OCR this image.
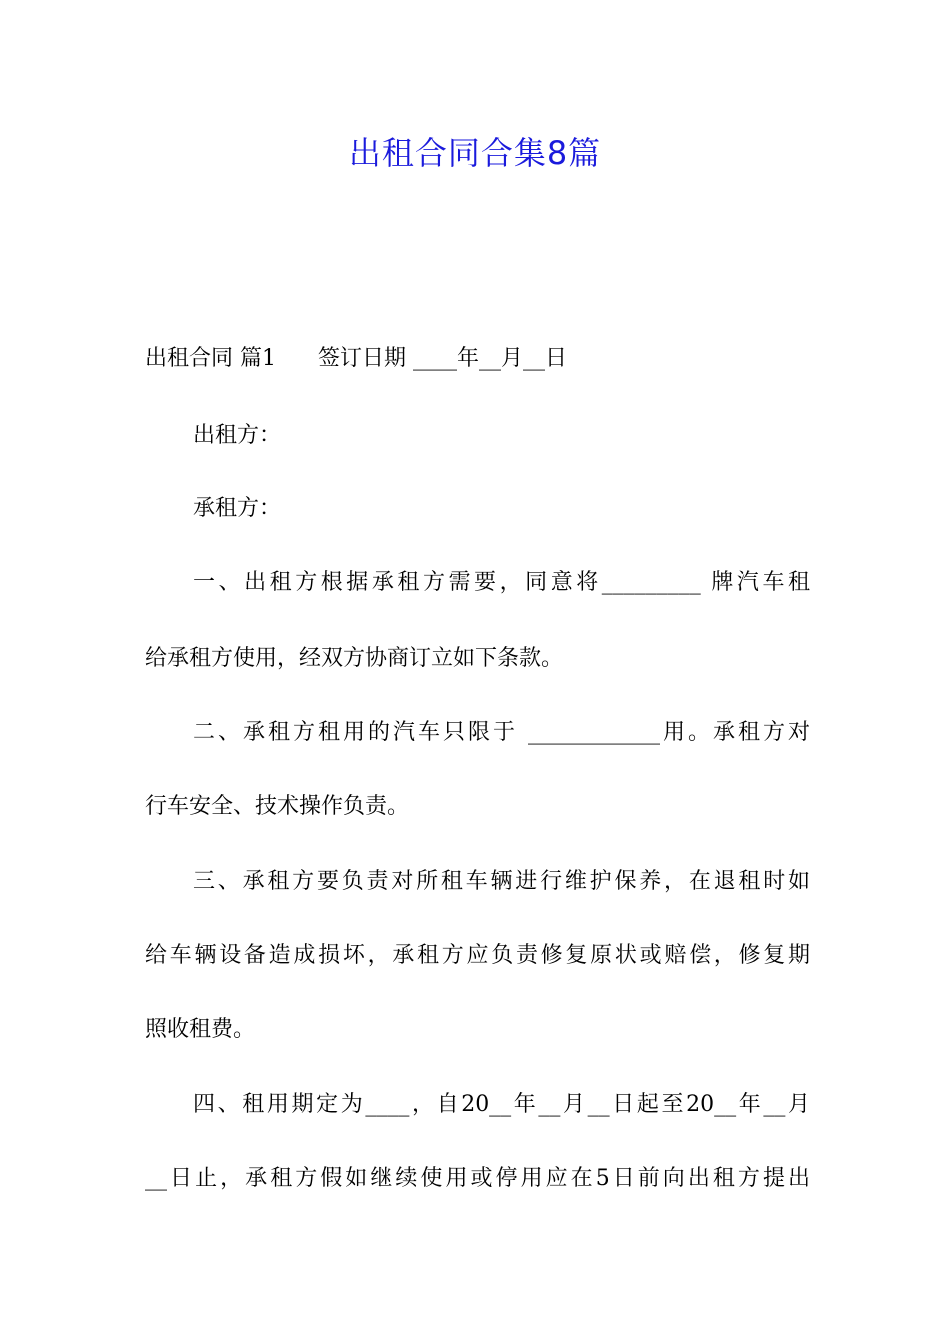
出租合同合集8篇
出租合同 篇1      签订日期 ____年__月__日
出租方：
承租方：
一、出租方根据承租方需要，同意将_________ 牌汽车租
给承租方使用，经双方协商订立如下条款。
二、承租方租用的汽车只限于 ____________用。承租方对
行车安全、技术操作负责。
三、承租方要负责对所租车辆进行维护保养，在退租时如
给车辆设备造成损坏，承租方应负责修复原状或赔偿，修复期
照收租费。
四、租用期定为____，自20__年__月__日起至20__年__月
__日止，承租方假如继续使用或停用应在5日前向出租方提出
